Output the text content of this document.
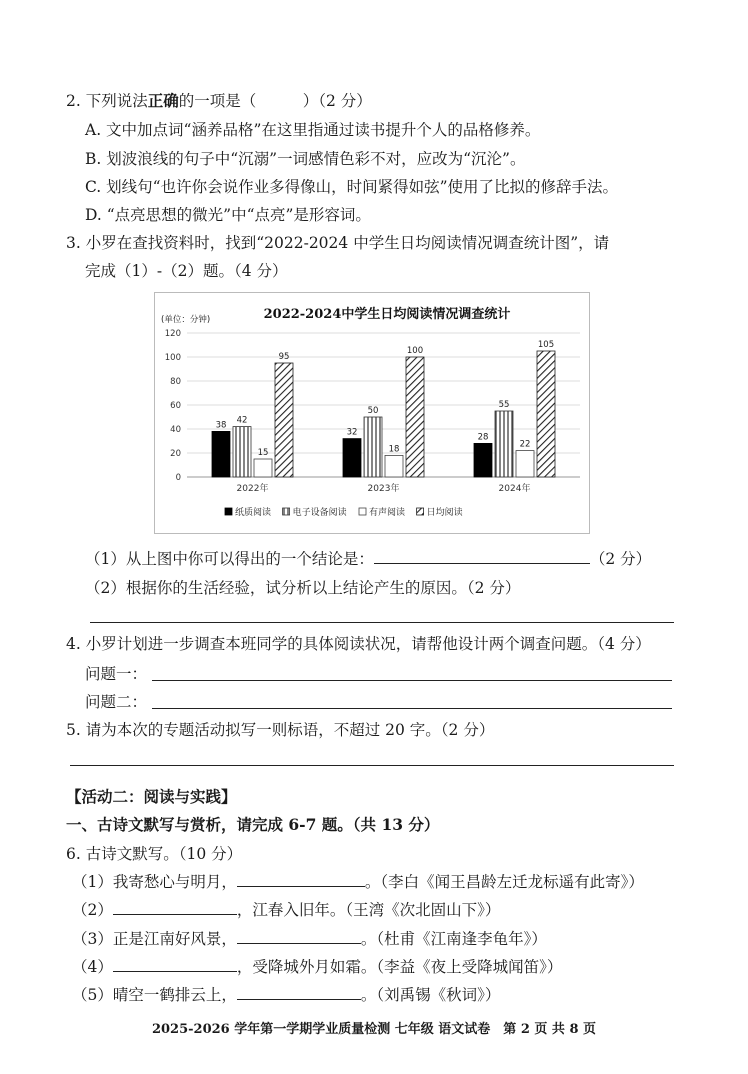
2. 下列说法正确的一项是（　　　）（2 分）
A. 文中加点词“涵养品格”在这里指通过读书提升个人的品格修养。
B. 划波浪线的句子中“沉溺”一词感情色彩不对，应改为“沉沦”。
C. 划线句“也许你会说作业多得像山，时间紧得如弦”使用了比拟的修辞手法。
D. “点亮思想的微光”中“点亮”是形容词。
3. 小罗在查找资料时，找到“2022-2024 中学生日均阅读情况调查统计图”，请
完成（1）-（2）题。（4 分）
2022-2024中学生日均阅读情况调查统计
(单位：分钟)
0
20
40
60
80
100
120
38 42
15
95
2022年
32
50
18
100
2023年
28
55
22
105
2024年
纸质阅读 电子设备阅读 有声阅读 日均阅读
（1）从上图中你可以得出的一个结论是：	（2 分）
（2）根据你的生活经验，试分析以上结论产生的原因。（2 分）
4. 小罗计划进一步调查本班同学的具体阅读状况，请帮他设计两个调查问题。（4 分）
问题一：
问题二：
5. 请为本次的专题活动拟写一则标语，不超过 20 字。（2 分）
【活动二：阅读与实践】
一、古诗文默写与赏析，请完成 6-7 题。（共 13 分）
6. 古诗文默写。（10 分）
（1）我寄愁心与明月，	。（李白《闻王昌龄左迁龙标遥有此寄》）
（2）	，江春入旧年。（王湾《次北固山下》）
（3）正是江南好风景，	。（杜甫《江南逢李龟年》）
（4）	，受降城外月如霜。（李益《夜上受降城闻笛》）
（5）晴空一鹤排云上，	。（刘禹锡《秋词》）
2025-2026 学年第一学期学业质量检测 七年级 语文试卷　第 2 页 共 8 页
